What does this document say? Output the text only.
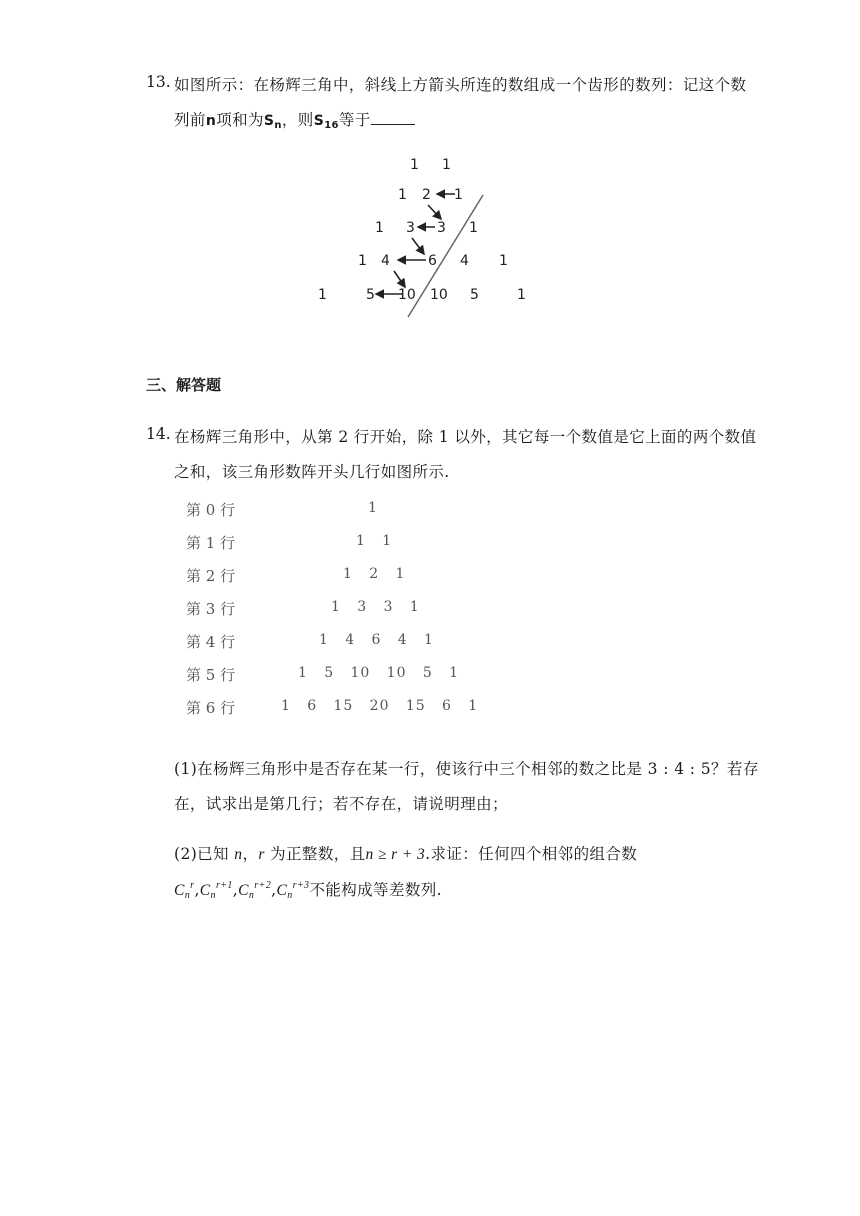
13. 如图所示：在杨辉三角中，斜线上方箭头所连的数组成一个齿形的数列：记这个数
列前n项和为$S_n$，则$S_{16}$等于
1 1
1 2 1
1 3 3 1
1 4	6 4 1
1	5 10 10 5	1
三、解答题
14. 在杨辉三角形中，从第 2 行开始，除 1 以外，其它每一个数值是它上面的两个数值
之和，该三角形数阵开头几行如图所示.
第 0 行	1
第 1 行	1   1
第 2 行	1   2   1
第 3 行	1   3   3   1
第 4 行	1   4   6   4   1
第 5 行	1   5   10   10   5   1
第 6 行	1   6   15   20   15   6   1
(1)在杨辉三角形中是否存在某一行，使该行中三个相邻的数之比是 3 : 4 : 5？若存
在，试求出是第几行；若不存在，请说明理由；
(2)已知 n，r 为正整数，且n ≥ r + 3.求证：任何四个相邻的组合数
$C_n^r,C_n^{r+1},C_n^{r+2},C_n^{r+3}$不能构成等差数列.
